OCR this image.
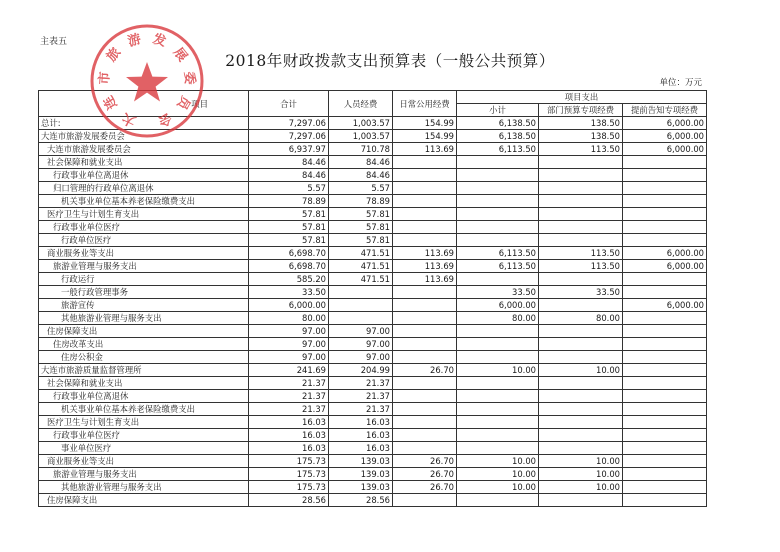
主表五
2018年财政拨款支出预算表（一般公共预算）
单位：万元
项目	合计	人员经费	日常公用经费	项目支出		
				小计	部门预算专项经费	提前告知专项经费
总计:	7,297.06	1,003.57	154.99	6,138.50	138.50	6,000.00
大连市旅游发展委员会	7,297.06	1,003.57	154.99	6,138.50	138.50	6,000.00
大连市旅游发展委员会	6,937.97	710.78	113.69	6,113.50	113.50	6,000.00
社会保障和就业支出	84.46	84.46				
行政事业单位离退休	84.46	84.46				
归口管理的行政单位离退休	5.57	5.57				
机关事业单位基本养老保险缴费支出	78.89	78.89				
医疗卫生与计划生育支出	57.81	57.81				
行政事业单位医疗	57.81	57.81				
行政单位医疗	57.81	57.81				
商业服务业等支出	6,698.70	471.51	113.69	6,113.50	113.50	6,000.00
旅游业管理与服务支出	6,698.70	471.51	113.69	6,113.50	113.50	6,000.00
行政运行	585.20	471.51	113.69			
一般行政管理事务	33.50			33.50	33.50	
旅游宣传	6,000.00			6,000.00		6,000.00
其他旅游业管理与服务支出	80.00			80.00	80.00	
住房保障支出	97.00	97.00				
住房改革支出	97.00	97.00				
住房公积金	97.00	97.00				
大连市旅游质量监督管理所	241.69	204.99	26.70	10.00	10.00	
社会保障和就业支出	21.37	21.37				
行政事业单位离退休	21.37	21.37				
机关事业单位基本养老保险缴费支出	21.37	21.37				
医疗卫生与计划生育支出	16.03	16.03				
行政事业单位医疗	16.03	16.03				
事业单位医疗	16.03	16.03				
商业服务业等支出	175.73	139.03	26.70	10.00	10.00	
旅游业管理与服务支出	175.73	139.03	26.70	10.00	10.00	
其他旅游业管理与服务支出	175.73	139.03	26.70	10.00	10.00	
住房保障支出	28.56	28.56				
大
连
市
旅
游 发
展
委
员
会
